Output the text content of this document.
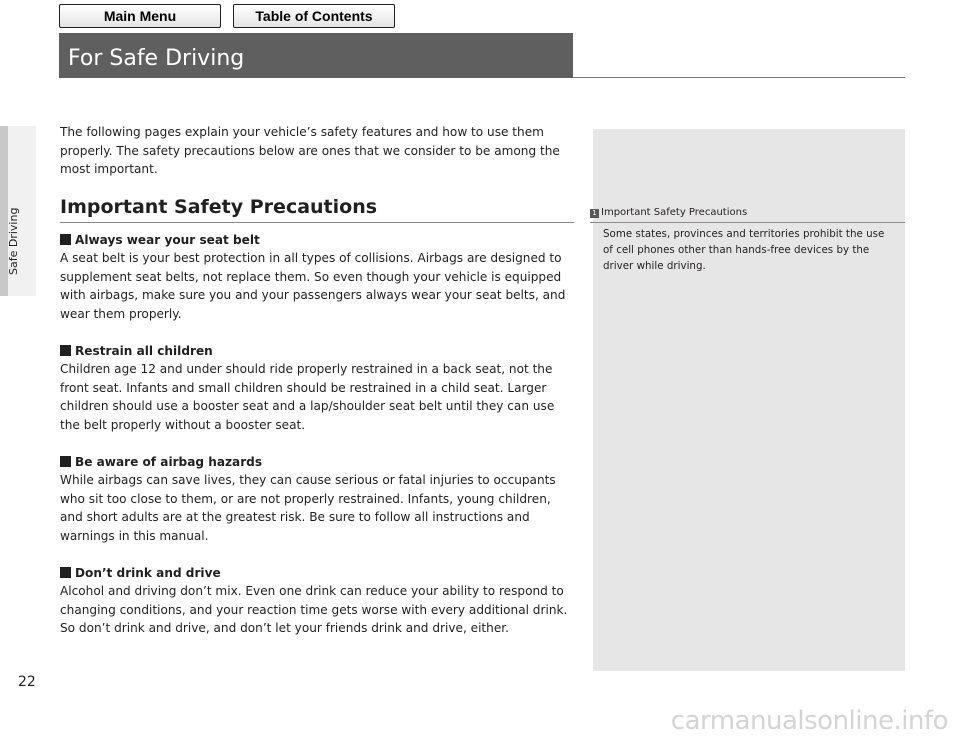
Main Menu	Table of Contents
Safe Driving
22
For Safe Driving

The following pages explain your vehicle’s safety features and how to use them properly. The safety precautions below are ones that we consider to be among the most important.

Important Safety Precautions
Always wear your seat belt

A seat belt is your best protection in all types of collisions. Airbags are designed to supplement seat belts, not replace them. So even though your vehicle is equipped with airbags, make sure you and your passengers always wear your seat belts, and wear them properly.

Restrain all children

Children age 12 and under should ride properly restrained in a back seat, not the front seat. Infants and small children should be restrained in a child seat. Larger children should use a booster seat and a lap/shoulder seat belt until they can use the belt properly without a booster seat.

Be aware of airbag hazards

While airbags can save lives, they can cause serious or fatal injuries to occupants who sit too close to them, or are not properly restrained. Infants, young children, and short adults are at the greatest risk. Be sure to follow all instructions and warnings in this manual.

Don’t drink and drive

Alcohol and driving don’t mix. Even one drink can reduce your ability to respond to changing conditions, and your reaction time gets worse with every additional drink. So don’t drink and drive, and don’t let your friends drink and drive, either.

1 Important Safety Precautions
Some states, provinces and territories prohibit the use of cell phones other than hands-free devices by the driver while driving.
carmanualsonline.info
